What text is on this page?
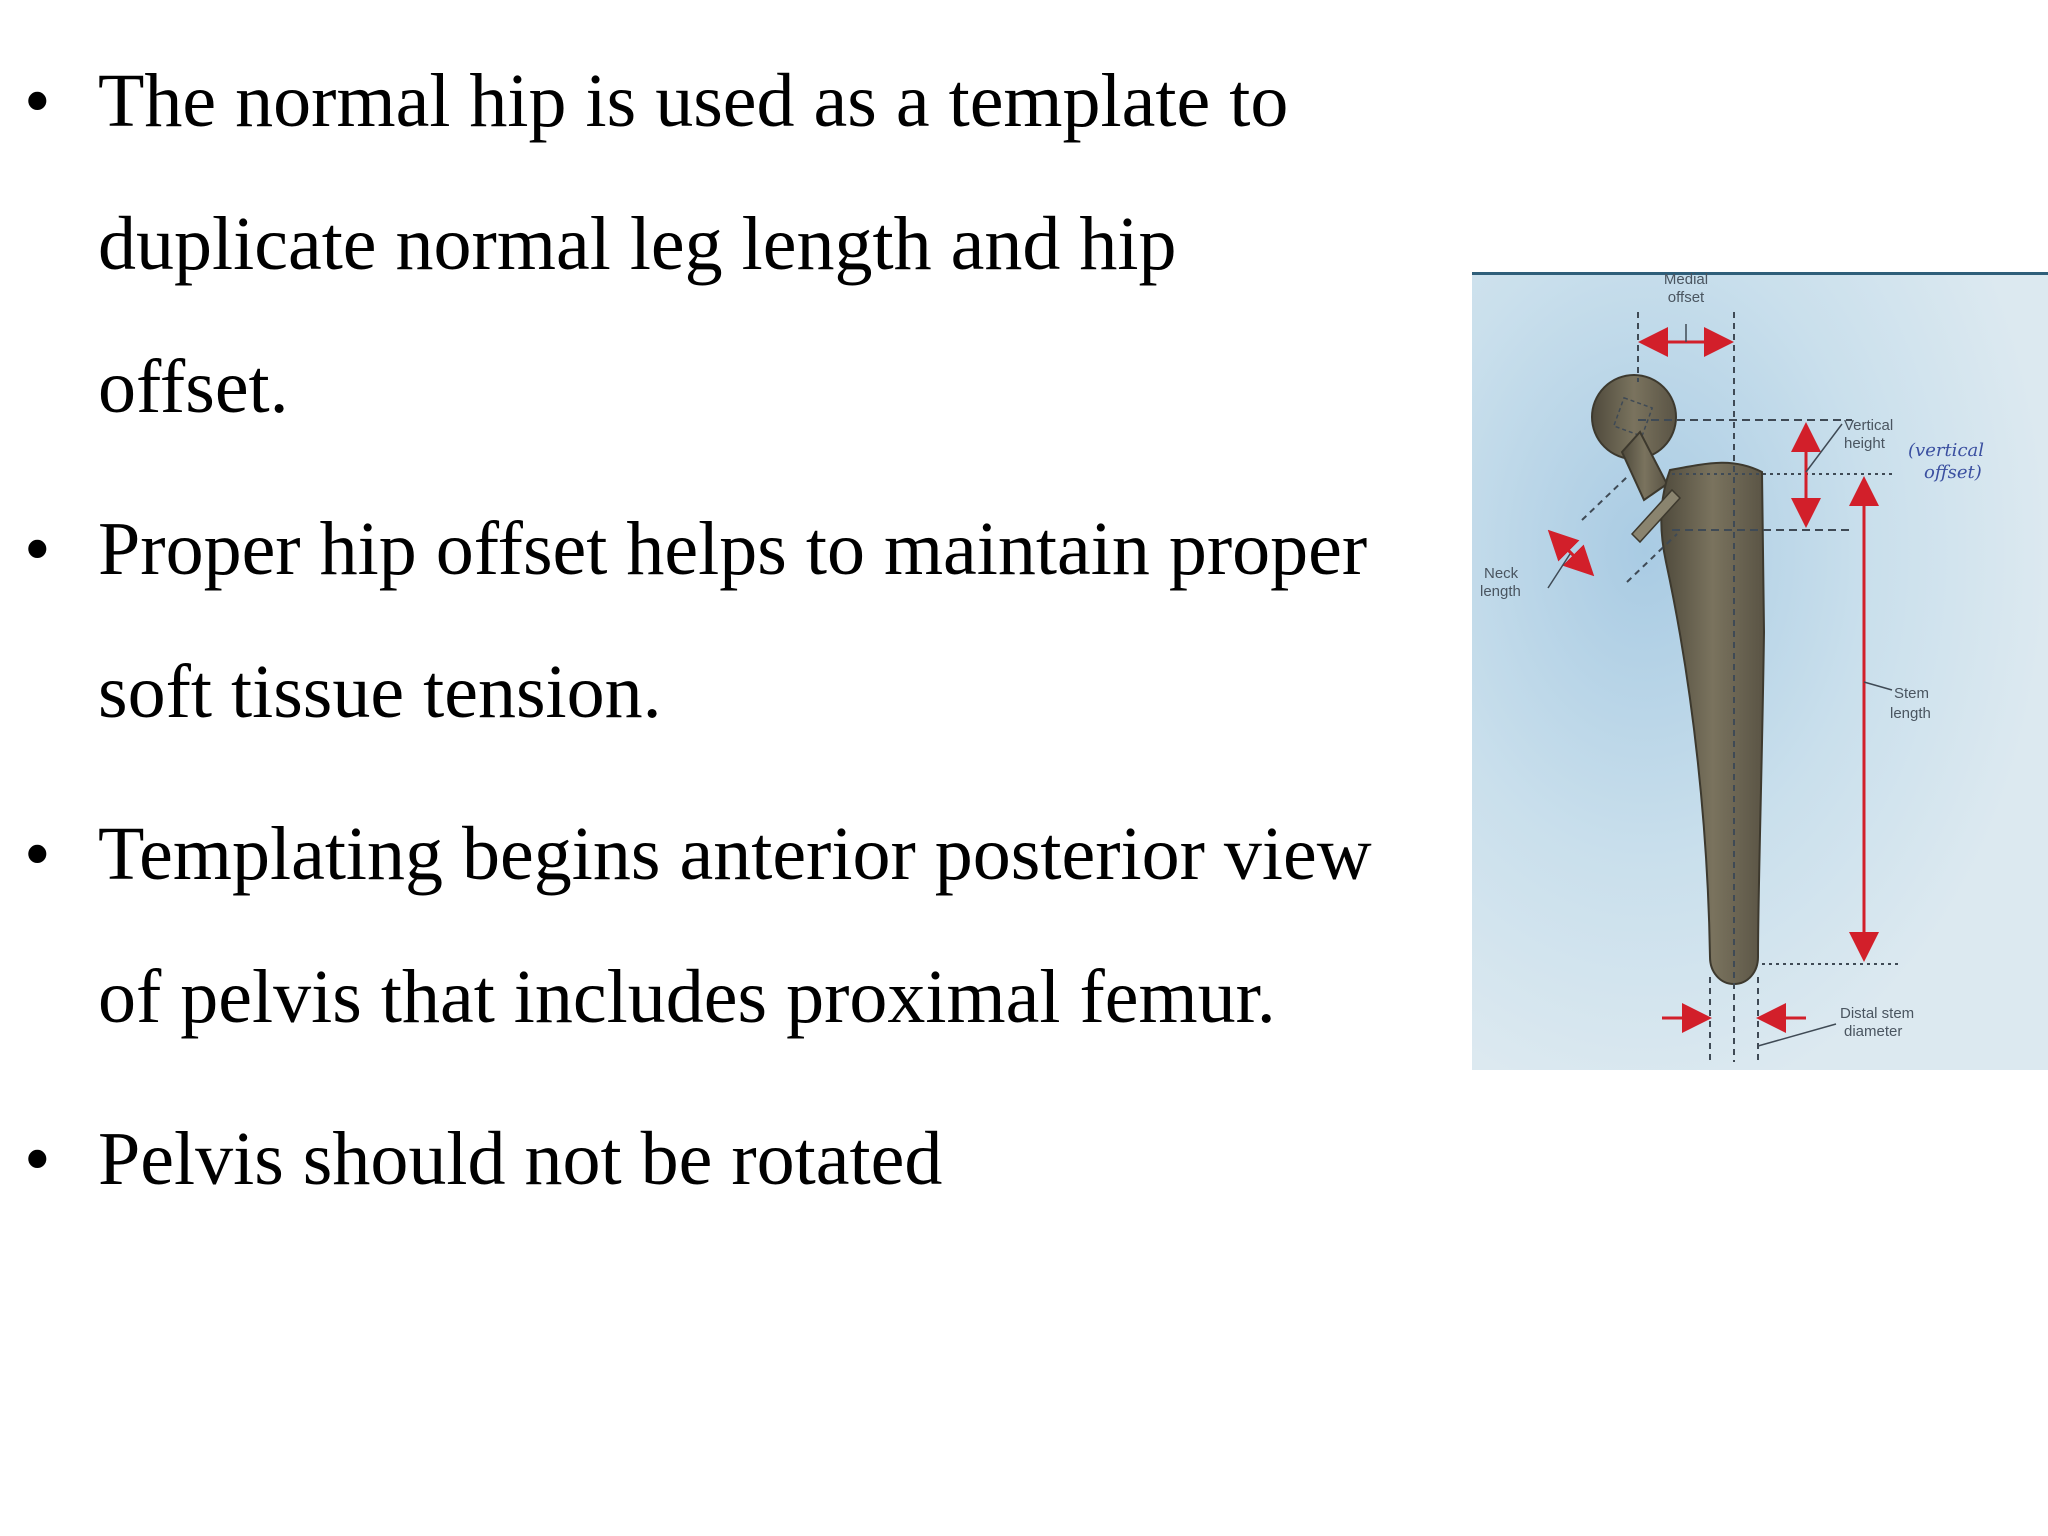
• The normal hip is used as a template to
duplicate normal leg length and hip
offset.
• Proper hip offset helps to maintain proper
soft tissue tension.
• Templating begins anterior posterior view
of pelvis that includes proximal femur.
• Pelvis should not be rotated
Medial
offset
Vertical
height (vertical
offset)
Neck
length
Stem
length
Distal stem
diameter
